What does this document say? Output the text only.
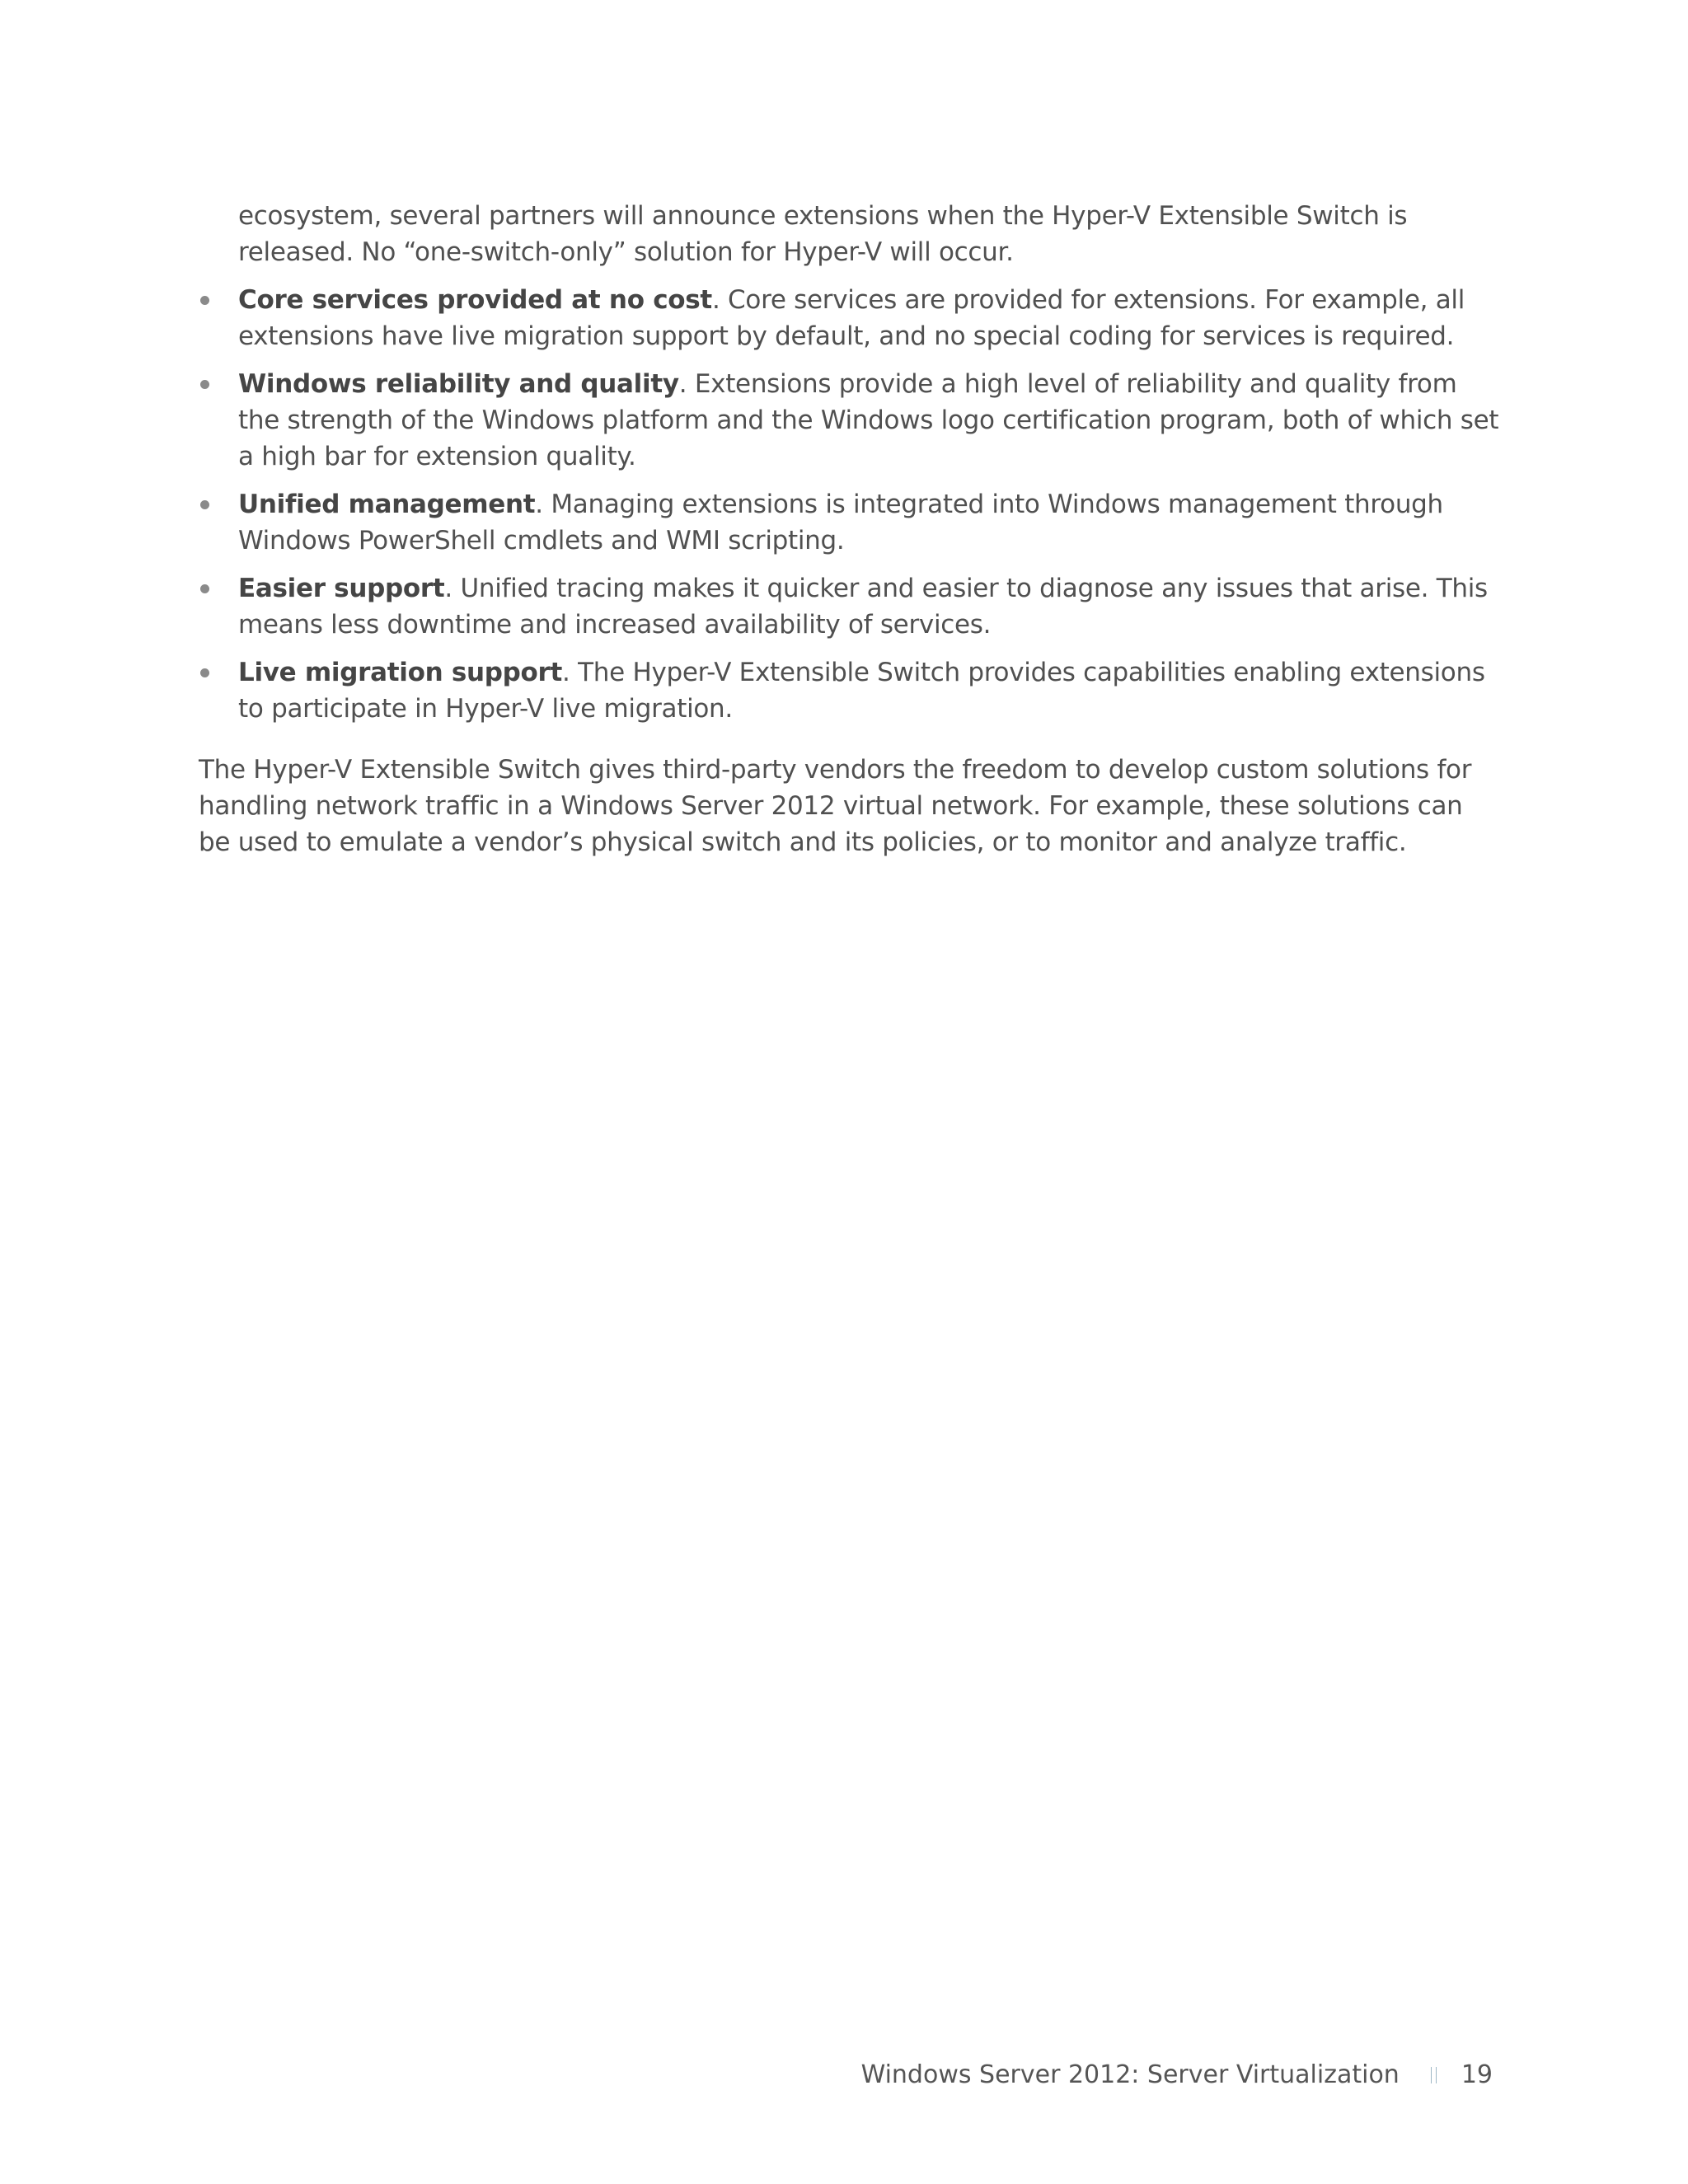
ecosystem, several partners will announce extensions when the Hyper-V Extensible Switch is released. No “one-switch-only” solution for Hyper-V will occur.

Core services provided at no cost. Core services are provided for extensions. For example, all extensions have live migration support by default, and no special coding for services is required.
Windows reliability and quality. Extensions provide a high level of reliability and quality from the strength of the Windows platform and the Windows logo certification program, both of which set a high bar for extension quality.
Unified management. Managing extensions is integrated into Windows management through Windows PowerShell cmdlets and WMI scripting.
Easier support. Unified tracing makes it quicker and easier to diagnose any issues that arise. This means less downtime and increased availability of services.
Live migration support. The Hyper-V Extensible Switch provides capabilities enabling extensions to participate in Hyper-V live migration.

The Hyper-V Extensible Switch gives third-party vendors the freedom to develop custom solutions for handling network traffic in a Windows Server 2012 virtual network. For example, these solutions can be used to emulate a vendor’s physical switch and its policies, or to monitor and analyze traffic.

Windows Server 2012: Server Virtualization	19
